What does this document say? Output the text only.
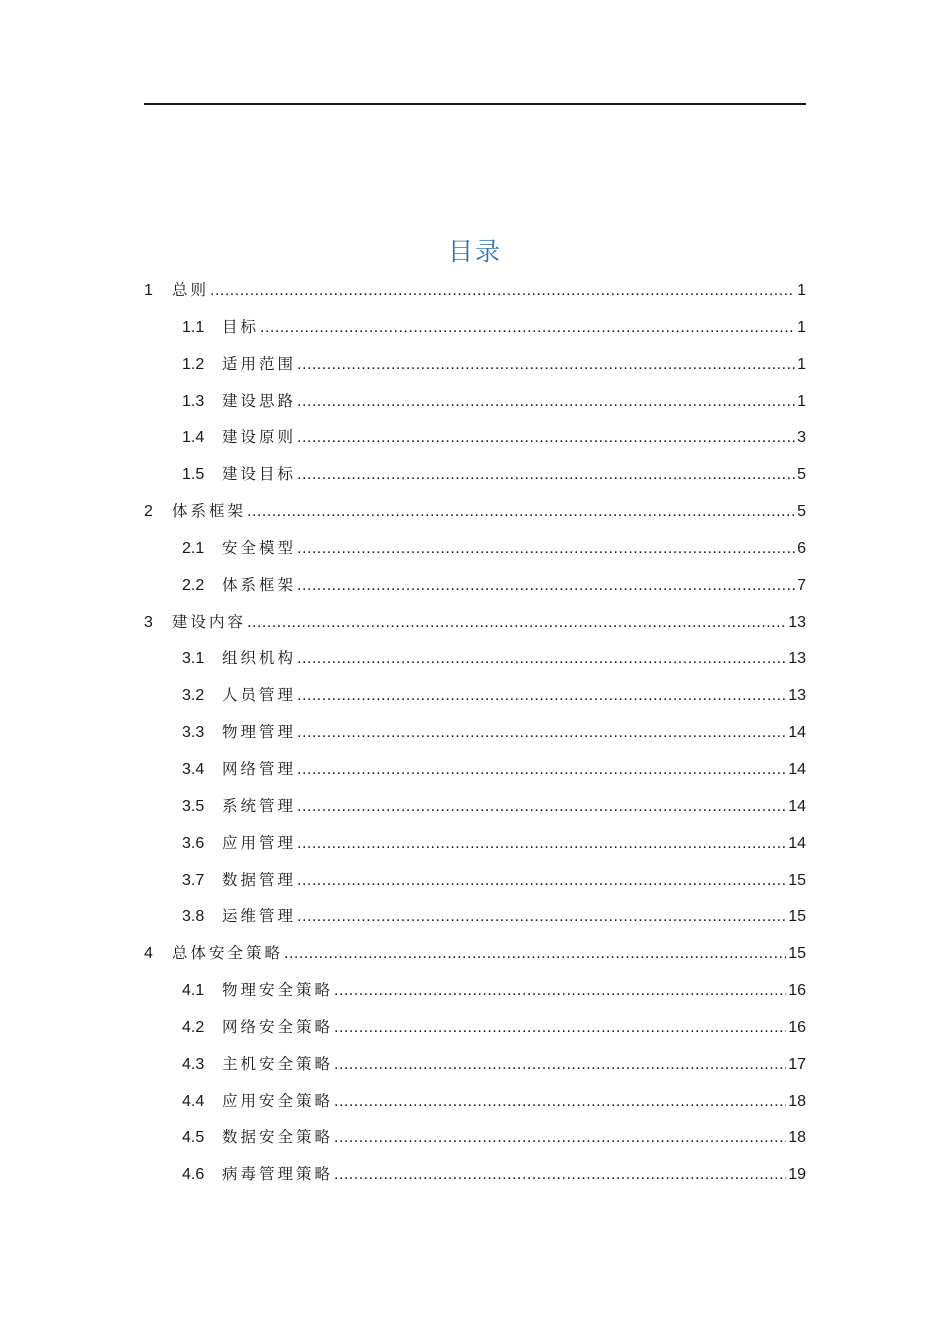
目录
1	总则 .....	1
1.1	目标 .....	1
1.2	适用范围 .....	1
1.3	建设思路 .....	1
1.4	建设原则 .....	3
1.5	建设目标 .....	5
2	体系框架 .....	5
2.1	安全模型 .....	6
2.2	体系框架 .....	7
3	建设内容 .....	13
3.1	组织机构 .....	13
3.2	人员管理 .....	13
3.3	物理管理 .....	14
3.4	网络管理 .....	14
3.5	系统管理 .....	14
3.6	应用管理 .....	14
3.7	数据管理 .....	15
3.8	运维管理 .....	15
4	总体安全策略 .....	15
4.1	物理安全策略 .....	16
4.2	网络安全策略 .....	16
4.3	主机安全策略 .....	17
4.4	应用安全策略 .....	18
4.5	数据安全策略 .....	18
4.6	病毒管理策略 .....	19
